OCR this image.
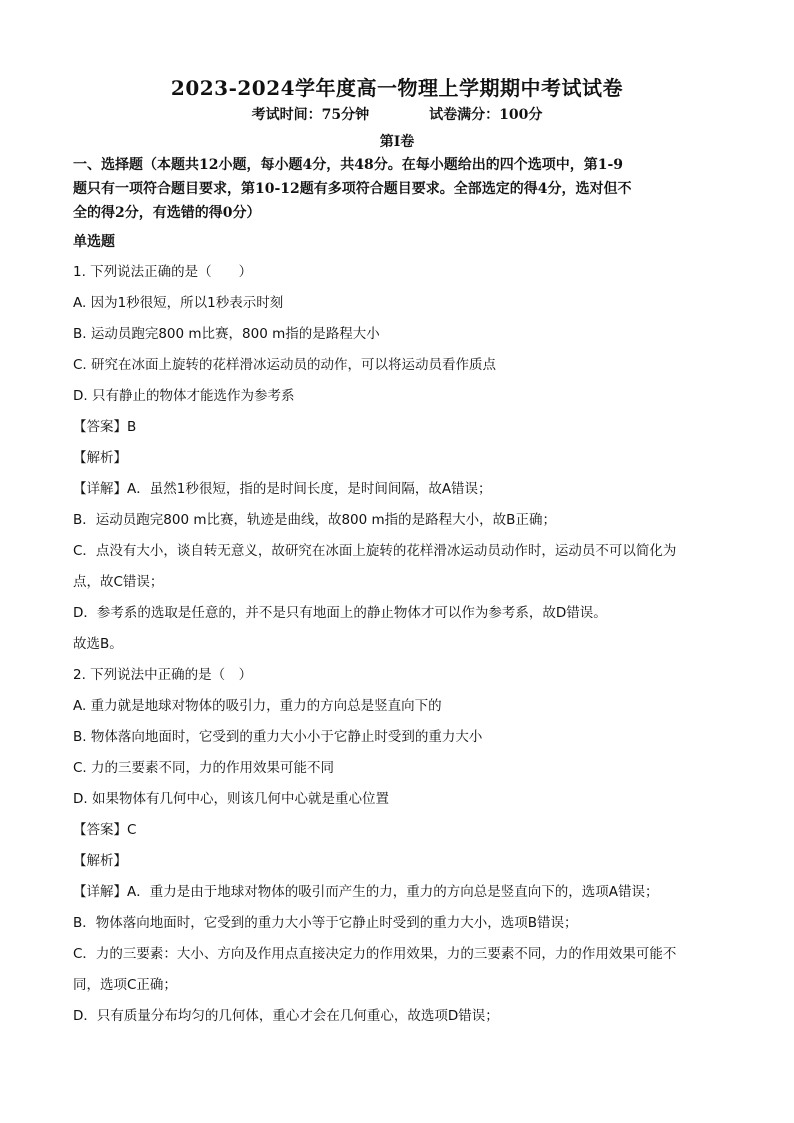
2023-2024学年度高一物理上学期期中考试试卷
考试时间：75分钟	试卷满分：100分
第Ⅰ卷
一、选择题（本题共12小题，每小题4分，共48分。在每小题给出的四个选项中，第1-9
题只有一项符合题目要求，第10-12题有多项符合题目要求。全部选定的得4分，选对但不
全的得2分，有选错的得0分）
单选题
1. 下列说法正确的是（　　）
A. 因为1秒很短，所以1秒表示时刻
B. 运动员跑完800 m比赛，800 m指的是路程大小
C. 研究在冰面上旋转的花样滑冰运动员的动作，可以将运动员看作质点
D. 只有静止的物体才能选作为参考系
【答案】B
【解析】
【详解】A．虽然1秒很短，指的是时间长度，是时间间隔，故A错误；
B．运动员跑完800 m比赛，轨迹是曲线，故800 m指的是路程大小，故B正确；
C．点没有大小，谈自转无意义，故研究在冰面上旋转的花样滑冰运动员动作时，运动员不可以简化为
点，故C错误；
D．参考系的选取是任意的，并不是只有地面上的静止物体才可以作为参考系，故D错误。
故选B。
2. 下列说法中正确的是（　）
A. 重力就是地球对物体的吸引力，重力的方向总是竖直向下的
B. 物体落向地面时，它受到的重力大小小于它静止时受到的重力大小
C. 力的三要素不同，力的作用效果可能不同
D. 如果物体有几何中心，则该几何中心就是重心位置
【答案】C
【解析】
【详解】A．重力是由于地球对物体的吸引而产生的力，重力的方向总是竖直向下的，选项A错误；
B．物体落向地面时，它受到的重力大小等于它静止时受到的重力大小，选项B错误；
C．力的三要素：大小、方向及作用点直接决定力的作用效果，力的三要素不同，力的作用效果可能不
同，选项C正确；
D．只有质量分布均匀的几何体，重心才会在几何重心，故选项D错误；
